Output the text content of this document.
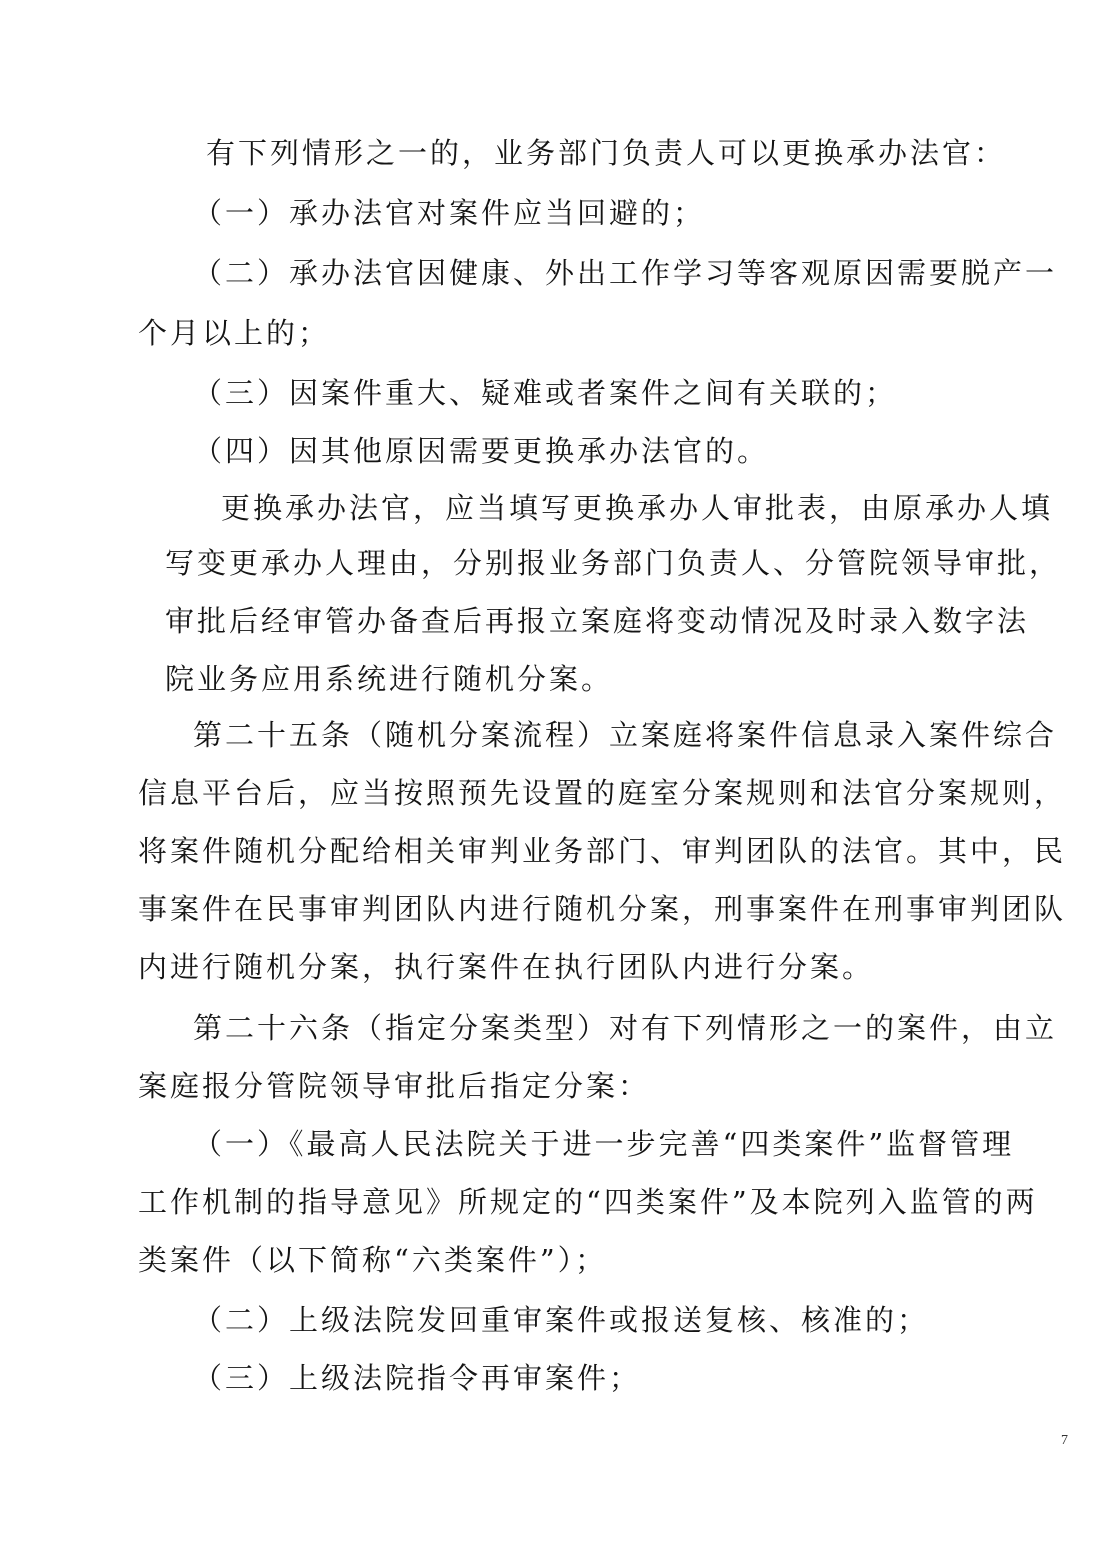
有下列情形之一的，业务部门负责人可以更换承办法官：
（一）承办法官对案件应当回避的；
（二）承办法官因健康、外出工作学习等客观原因需要脱产一
个月以上的；
（三）因案件重大、疑难或者案件之间有关联的；
（四）因其他原因需要更换承办法官的。
更换承办法官，应当填写更换承办人审批表，由原承办人填
写变更承办人理由，分别报业务部门负责人、分管院领导审批，
审批后经审管办备查后再报立案庭将变动情况及时录入数字法
院业务应用系统进行随机分案。
第二十五条（随机分案流程）立案庭将案件信息录入案件综合
信息平台后，应当按照预先设置的庭室分案规则和法官分案规则，
将案件随机分配给相关审判业务部门、审判团队的法官。其中，民
事案件在民事审判团队内进行随机分案，刑事案件在刑事审判团队
内进行随机分案，执行案件在执行团队内进行分案。
第二十六条（指定分案类型）对有下列情形之一的案件，由立
案庭报分管院领导审批后指定分案：
（一）《最高人民法院关于进一步完善“四类案件”监督管理
工作机制的指导意见》所规定的“四类案件”及本院列入监管的两
类案件（以下简称“六类案件”）；
（二）上级法院发回重审案件或报送复核、核准的；
（三）上级法院指令再审案件；
7
